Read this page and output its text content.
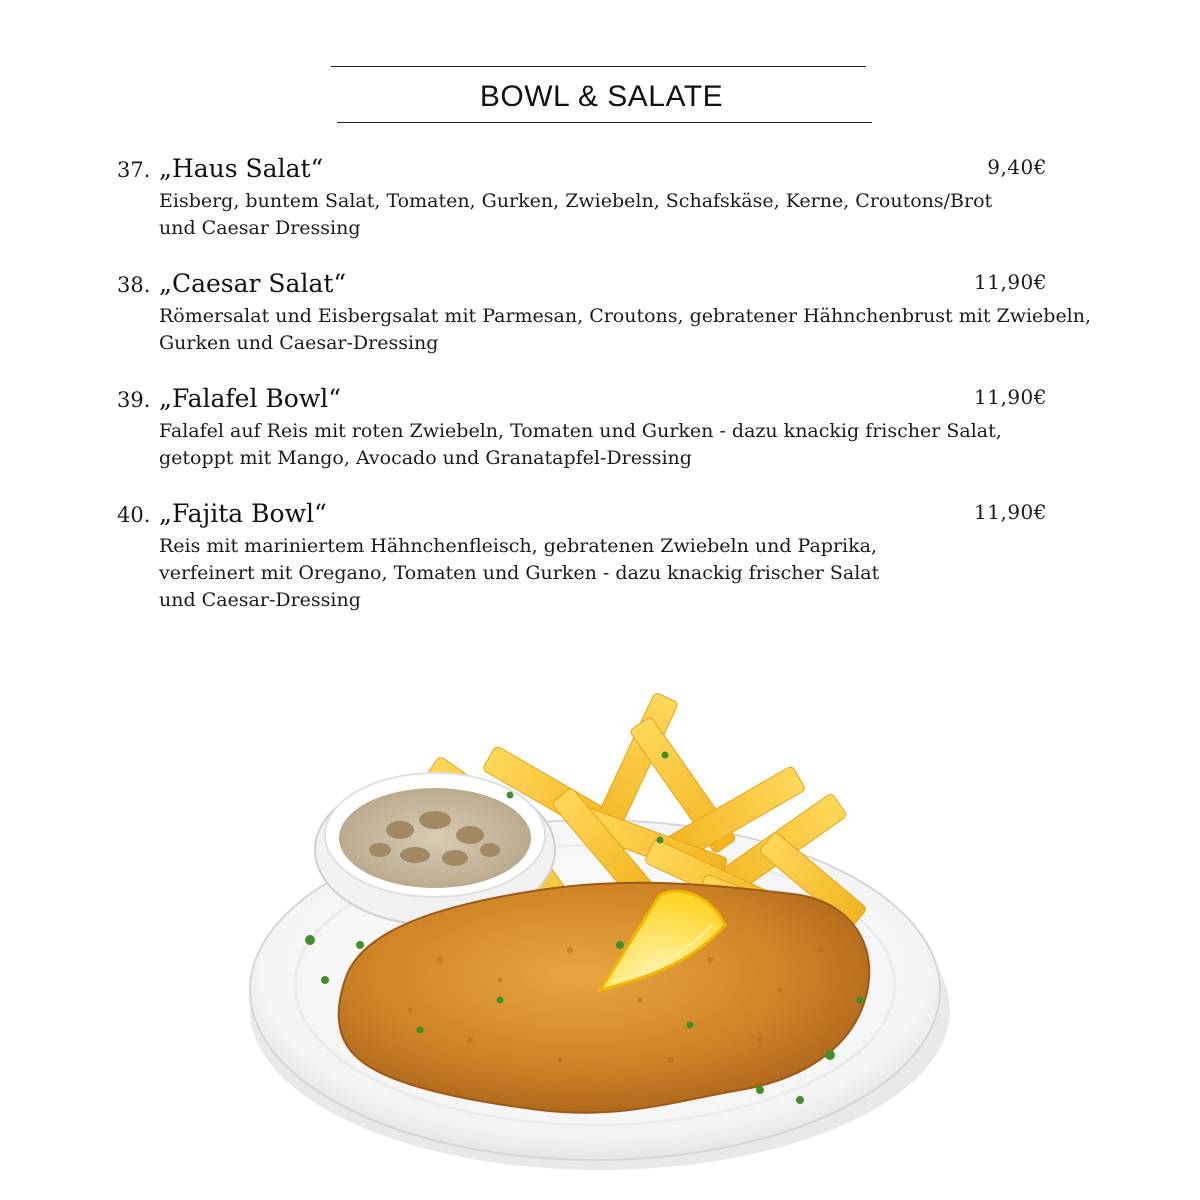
BOWL & SALATE
37. „Haus Salat“	9,40€
Eisberg, buntem Salat, Tomaten, Gurken, Zwiebeln, Schafskäse, Kerne, Croutons/Brot
und Caesar Dressing
38. „Caesar Salat“	11,90€
Römersalat und Eisbergsalat mit Parmesan, Croutons, gebratener Hähnchenbrust mit Zwiebeln,
Gurken und Caesar-Dressing
39. „Falafel Bowl“	11,90€
Falafel auf Reis mit roten Zwiebeln, Tomaten und Gurken - dazu knackig frischer Salat,
getoppt mit Mango, Avocado und Granatapfel-Dressing
40. „Fajita Bowl“	11,90€
Reis mit mariniertem Hähnchenfleisch, gebratenen Zwiebeln und Paprika,
verfeinert mit Oregano, Tomaten und Gurken - dazu knackig frischer Salat
und Caesar-Dressing
